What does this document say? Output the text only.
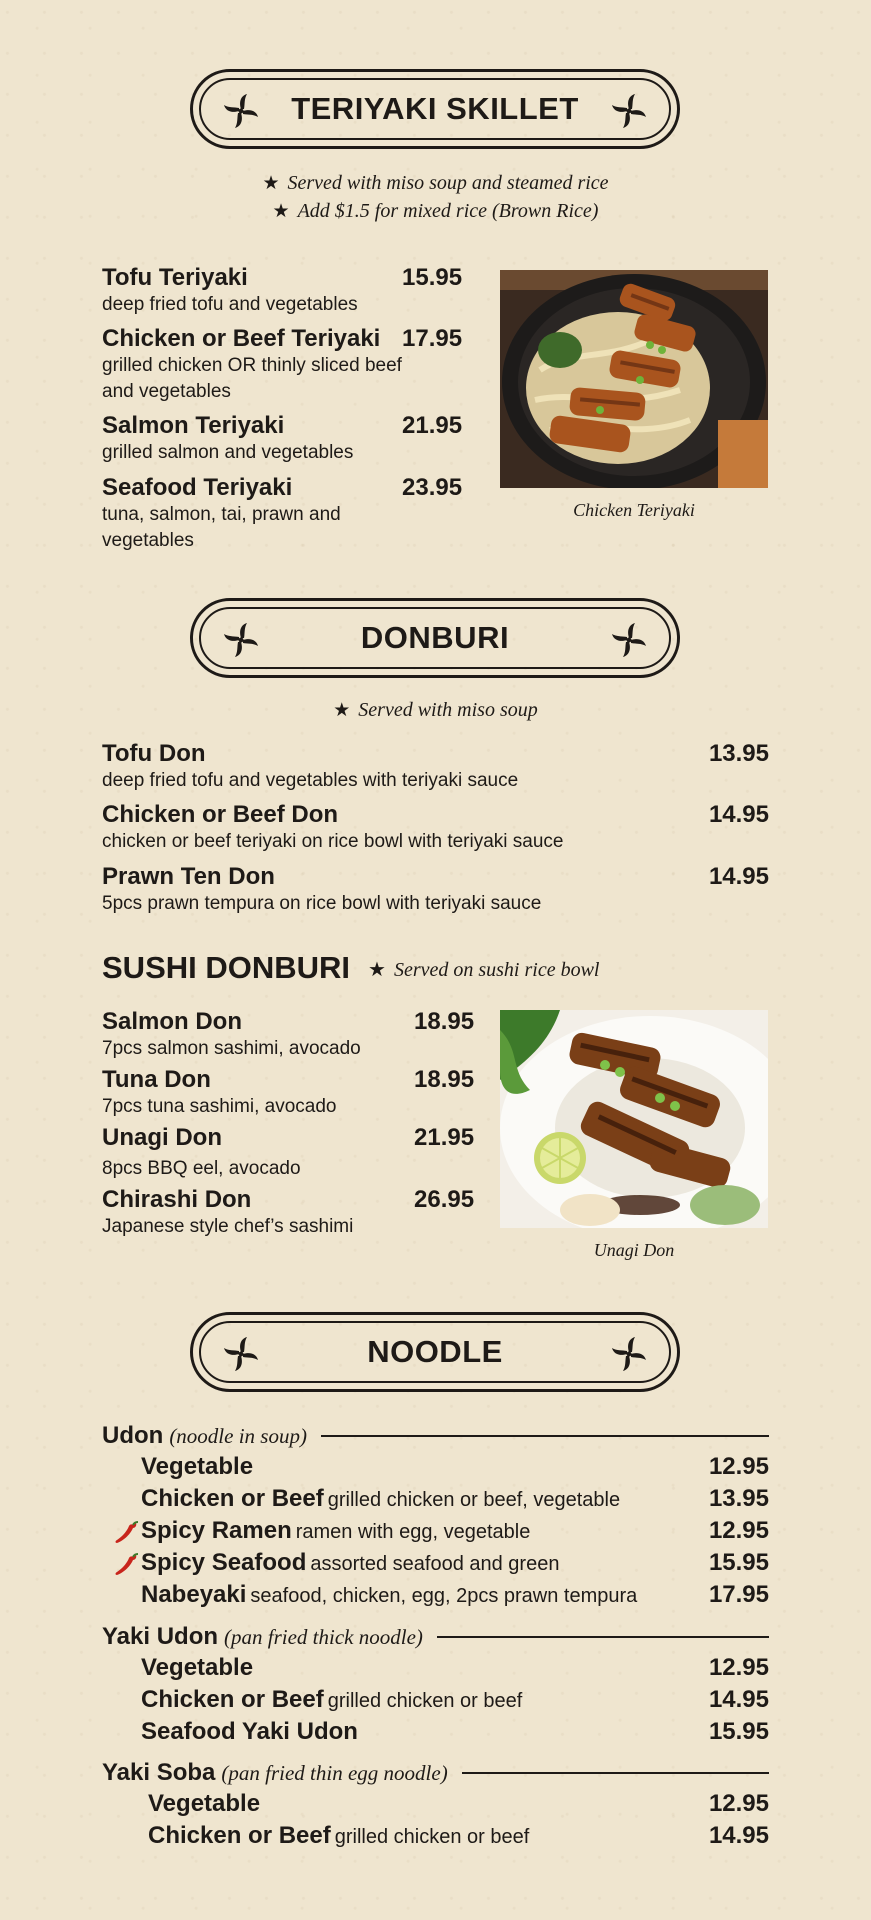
TERIYAKI SKILLET
★ Served with miso soup and steamed rice
★ Add $1.5 for mixed rice (Brown Rice)
Tofu Teriyaki
deep fried tofu and vegetables
15.95
Chicken or Beef Teriyaki
grilled chicken OR thinly sliced beef and vegetables
17.95
Salmon Teriyaki
grilled salmon and vegetables
21.95
Seafood Teriyaki
tuna, salmon, tai, prawn and vegetables
23.95
Chicken Teriyaki
DONBURI
★ Served with miso soup
Tofu Don
deep fried tofu and vegetables with teriyaki sauce
13.95
Chicken or Beef Don
chicken or beef teriyaki on rice bowl with teriyaki sauce
14.95
Prawn Ten Don
5pcs prawn tempura on rice bowl with teriyaki sauce
14.95
SUSHI DONBURI ★ Served on sushi rice bowl
Salmon Don
7pcs salmon sashimi, avocado
18.95
Tuna Don
7pcs tuna sashimi, avocado
18.95
Unagi Don
8pcs BBQ eel, avocado
21.95
Chirashi Don
Japanese style chef’s sashimi
26.95
Unagi Don
NOODLE
Udon (noodle in soup)
Vegetable	12.95
Chicken or Beef grilled chicken or beef, vegetable	13.95
Spicy Ramen ramen with egg, vegetable	12.95
Spicy Seafood assorted seafood and green	15.95
Nabeyaki seafood, chicken, egg, 2pcs prawn tempura	17.95
Yaki Udon (pan fried thick noodle)
Vegetable	12.95
Chicken or Beef grilled chicken or beef	14.95
Seafood Yaki Udon	15.95
Yaki Soba (pan fried thin egg noodle)
Vegetable	12.95
Chicken or Beef grilled chicken or beef	14.95
